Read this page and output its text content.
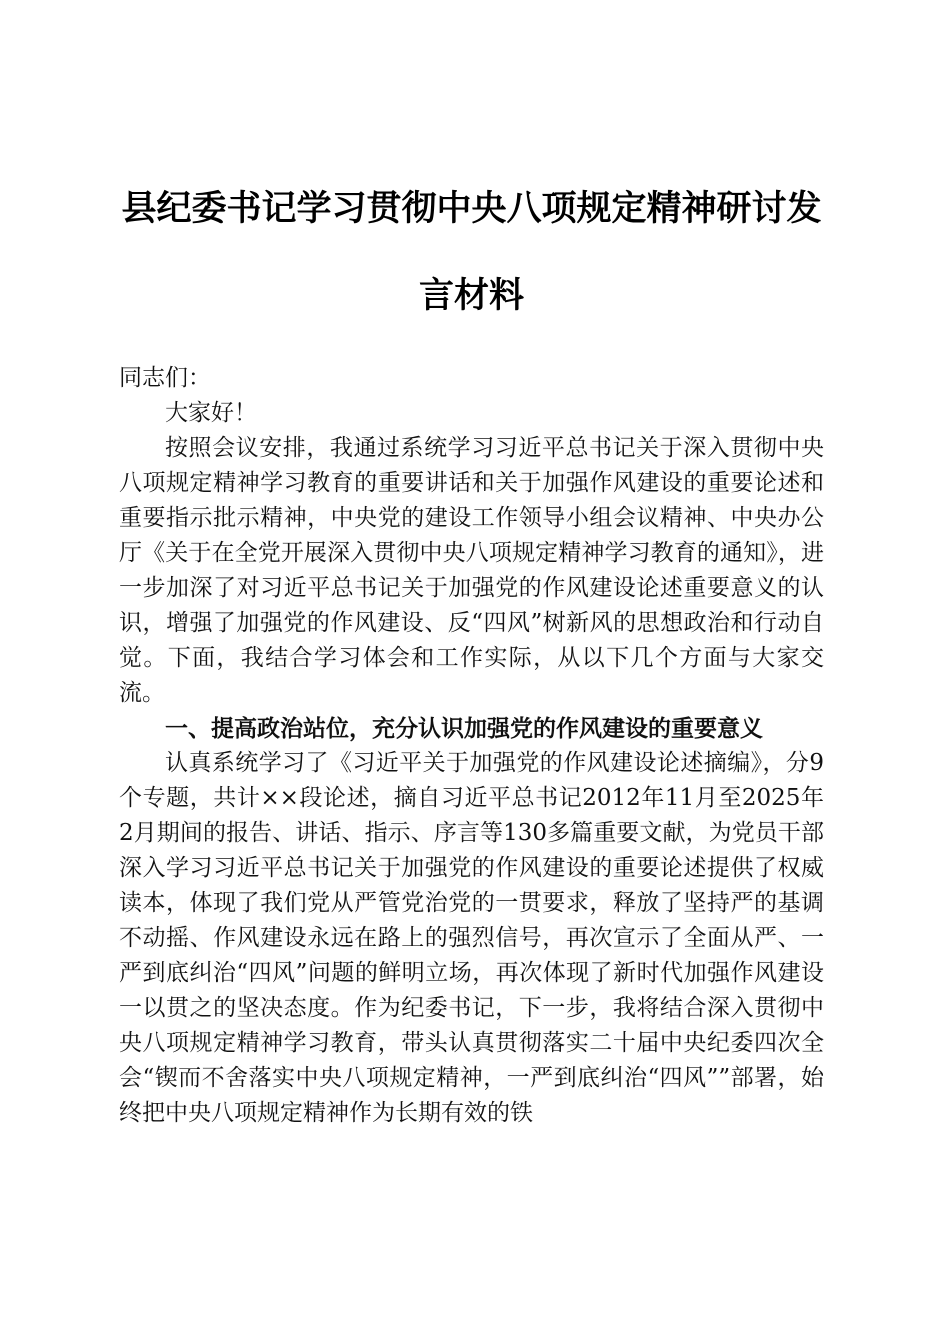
县纪委书记学习贯彻中央八项规定精神研讨发言材料

同志们：

大家好！

按照会议安排，我通过系统学习习近平总书记关于深入贯彻中央八项规定精神学习教育的重要讲话和关于加强作风建设的重要论述和重要指示批示精神，中央党的建设工作领导小组会议精神、中央办公厅《关于在全党开展深入贯彻中央八项规定精神学习教育的通知》，进一步加深了对习近平总书记关于加强党的作风建设论述重要意义的认识，增强了加强党的作风建设、反“四风”树新风的思想政治和行动自觉。下面，我结合学习体会和工作实际，从以下几个方面与大家交流。

一、提高政治站位，充分认识加强党的作风建设的重要意义

认真系统学习了《习近平关于加强党的作风建设论述摘编》，分9个专题，共计××段论述，摘自习近平总书记2012年11月至2025年2月期间的报告、讲话、指示、序言等130多篇重要文献，为党员干部深入学习习近平总书记关于加强党的作风建设的重要论述提供了权威读本，体现了我们党从严管党治党的一贯要求，释放了坚持严的基调不动摇、作风建设永远在路上的强烈信号，再次宣示了全面从严、一严到底纠治“四风”问题的鲜明立场，再次体现了新时代加强作风建设一以贯之的坚决态度。作为纪委书记，下一步，我将结合深入贯彻中央八项规定精神学习教育，带头认真贯彻落实二十届中央纪委四次全会“锲而不舍落实中央八项规定精神，一严到底纠治“四风””部署，始终把中央八项规定精神作为长期有效的铁
